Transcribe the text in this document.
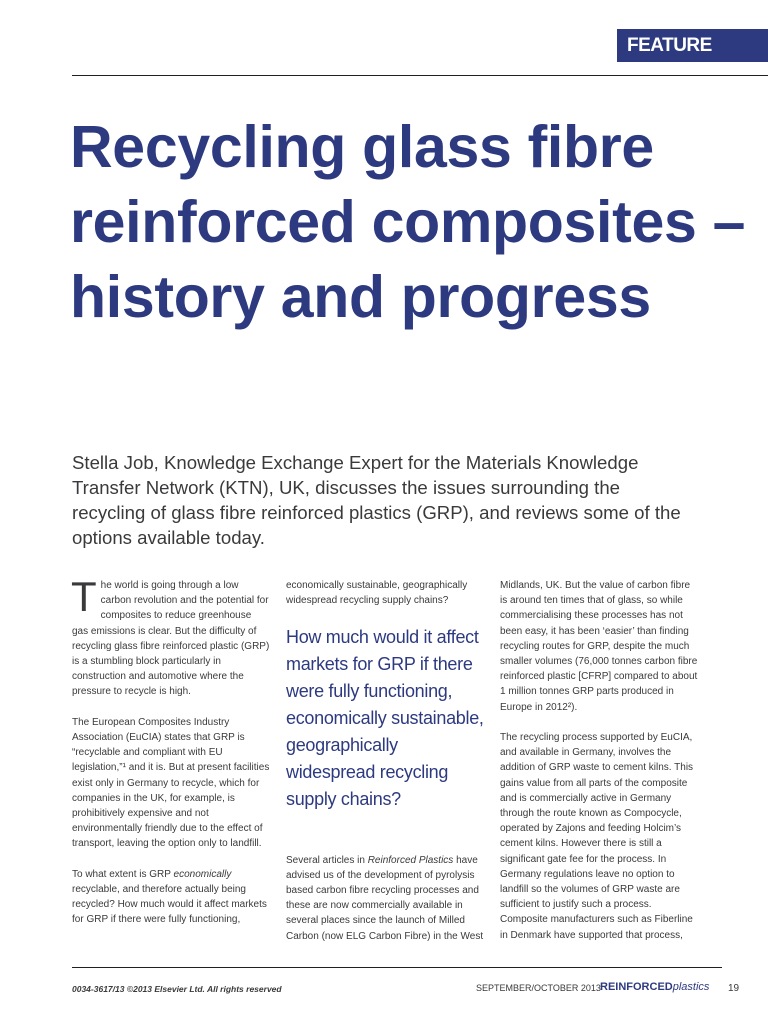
FEATURE
Recycling glass fibre reinforced composites – history and progress

Stella Job, Knowledge Exchange Expert for the Materials Knowledge Transfer Network (KTN), UK, discusses the issues surrounding the recycling of glass fibre reinforced plastics (GRP), and reviews some of the options available today.

The world is going through a low carbon revolution and the potential for composites to reduce greenhouse gas emissions is clear. But the difficulty of recycling glass fibre reinforced plastic (GRP) is a stumbling block particularly in construction and automotive where the pressure to recycle is high.

The European Composites Industry Association (EuCIA) states that GRP is “recyclable and compliant with EU legislation,”¹ and it is. But at present facilities exist only in Germany to recycle, which for companies in the UK, for example, is prohibitively expensive and not environmentally friendly due to the effect of transport, leaving the option only to landfill.

To what extent is GRP economically recyclable, and therefore actually being recycled? How much would it affect markets for GRP if there were fully functioning,

economically sustainable, geographically widespread recycling supply chains?

How much would it affect markets for GRP if there were fully functioning, economically sustainable, geographically widespread recycling supply chains?

Several articles in Reinforced Plastics have advised us of the development of pyrolysis based carbon fibre recycling processes and these are now commercially available in several places since the launch of Milled Carbon (now ELG Carbon Fibre) in the West

Midlands, UK. But the value of carbon fibre is around ten times that of glass, so while commercialising these processes has not been easy, it has been ‘easier’ than finding recycling routes for GRP, despite the much smaller volumes (76,000 tonnes carbon fibre reinforced plastic [CFRP] compared to about 1 million tonnes GRP parts produced in Europe in 2012²).

The recycling process supported by EuCIA, and available in Germany, involves the addition of GRP waste to cement kilns. This gains value from all parts of the composite and is commercially active in Germany through the route known as Compocycle, operated by Zajons and feeding Holcim’s cement kilns. However there is still a significant gate fee for the process. In Germany regulations leave no option to landfill so the volumes of GRP waste are sufficient to justify such a process. Composite manufacturers such as Fiberline in Denmark have supported that process,

0034-3617/13 ©2013 Elsevier Ltd. All rights reserved	SEPTEMBER/OCTOBER 2013 REINFORCEDplastics 19
